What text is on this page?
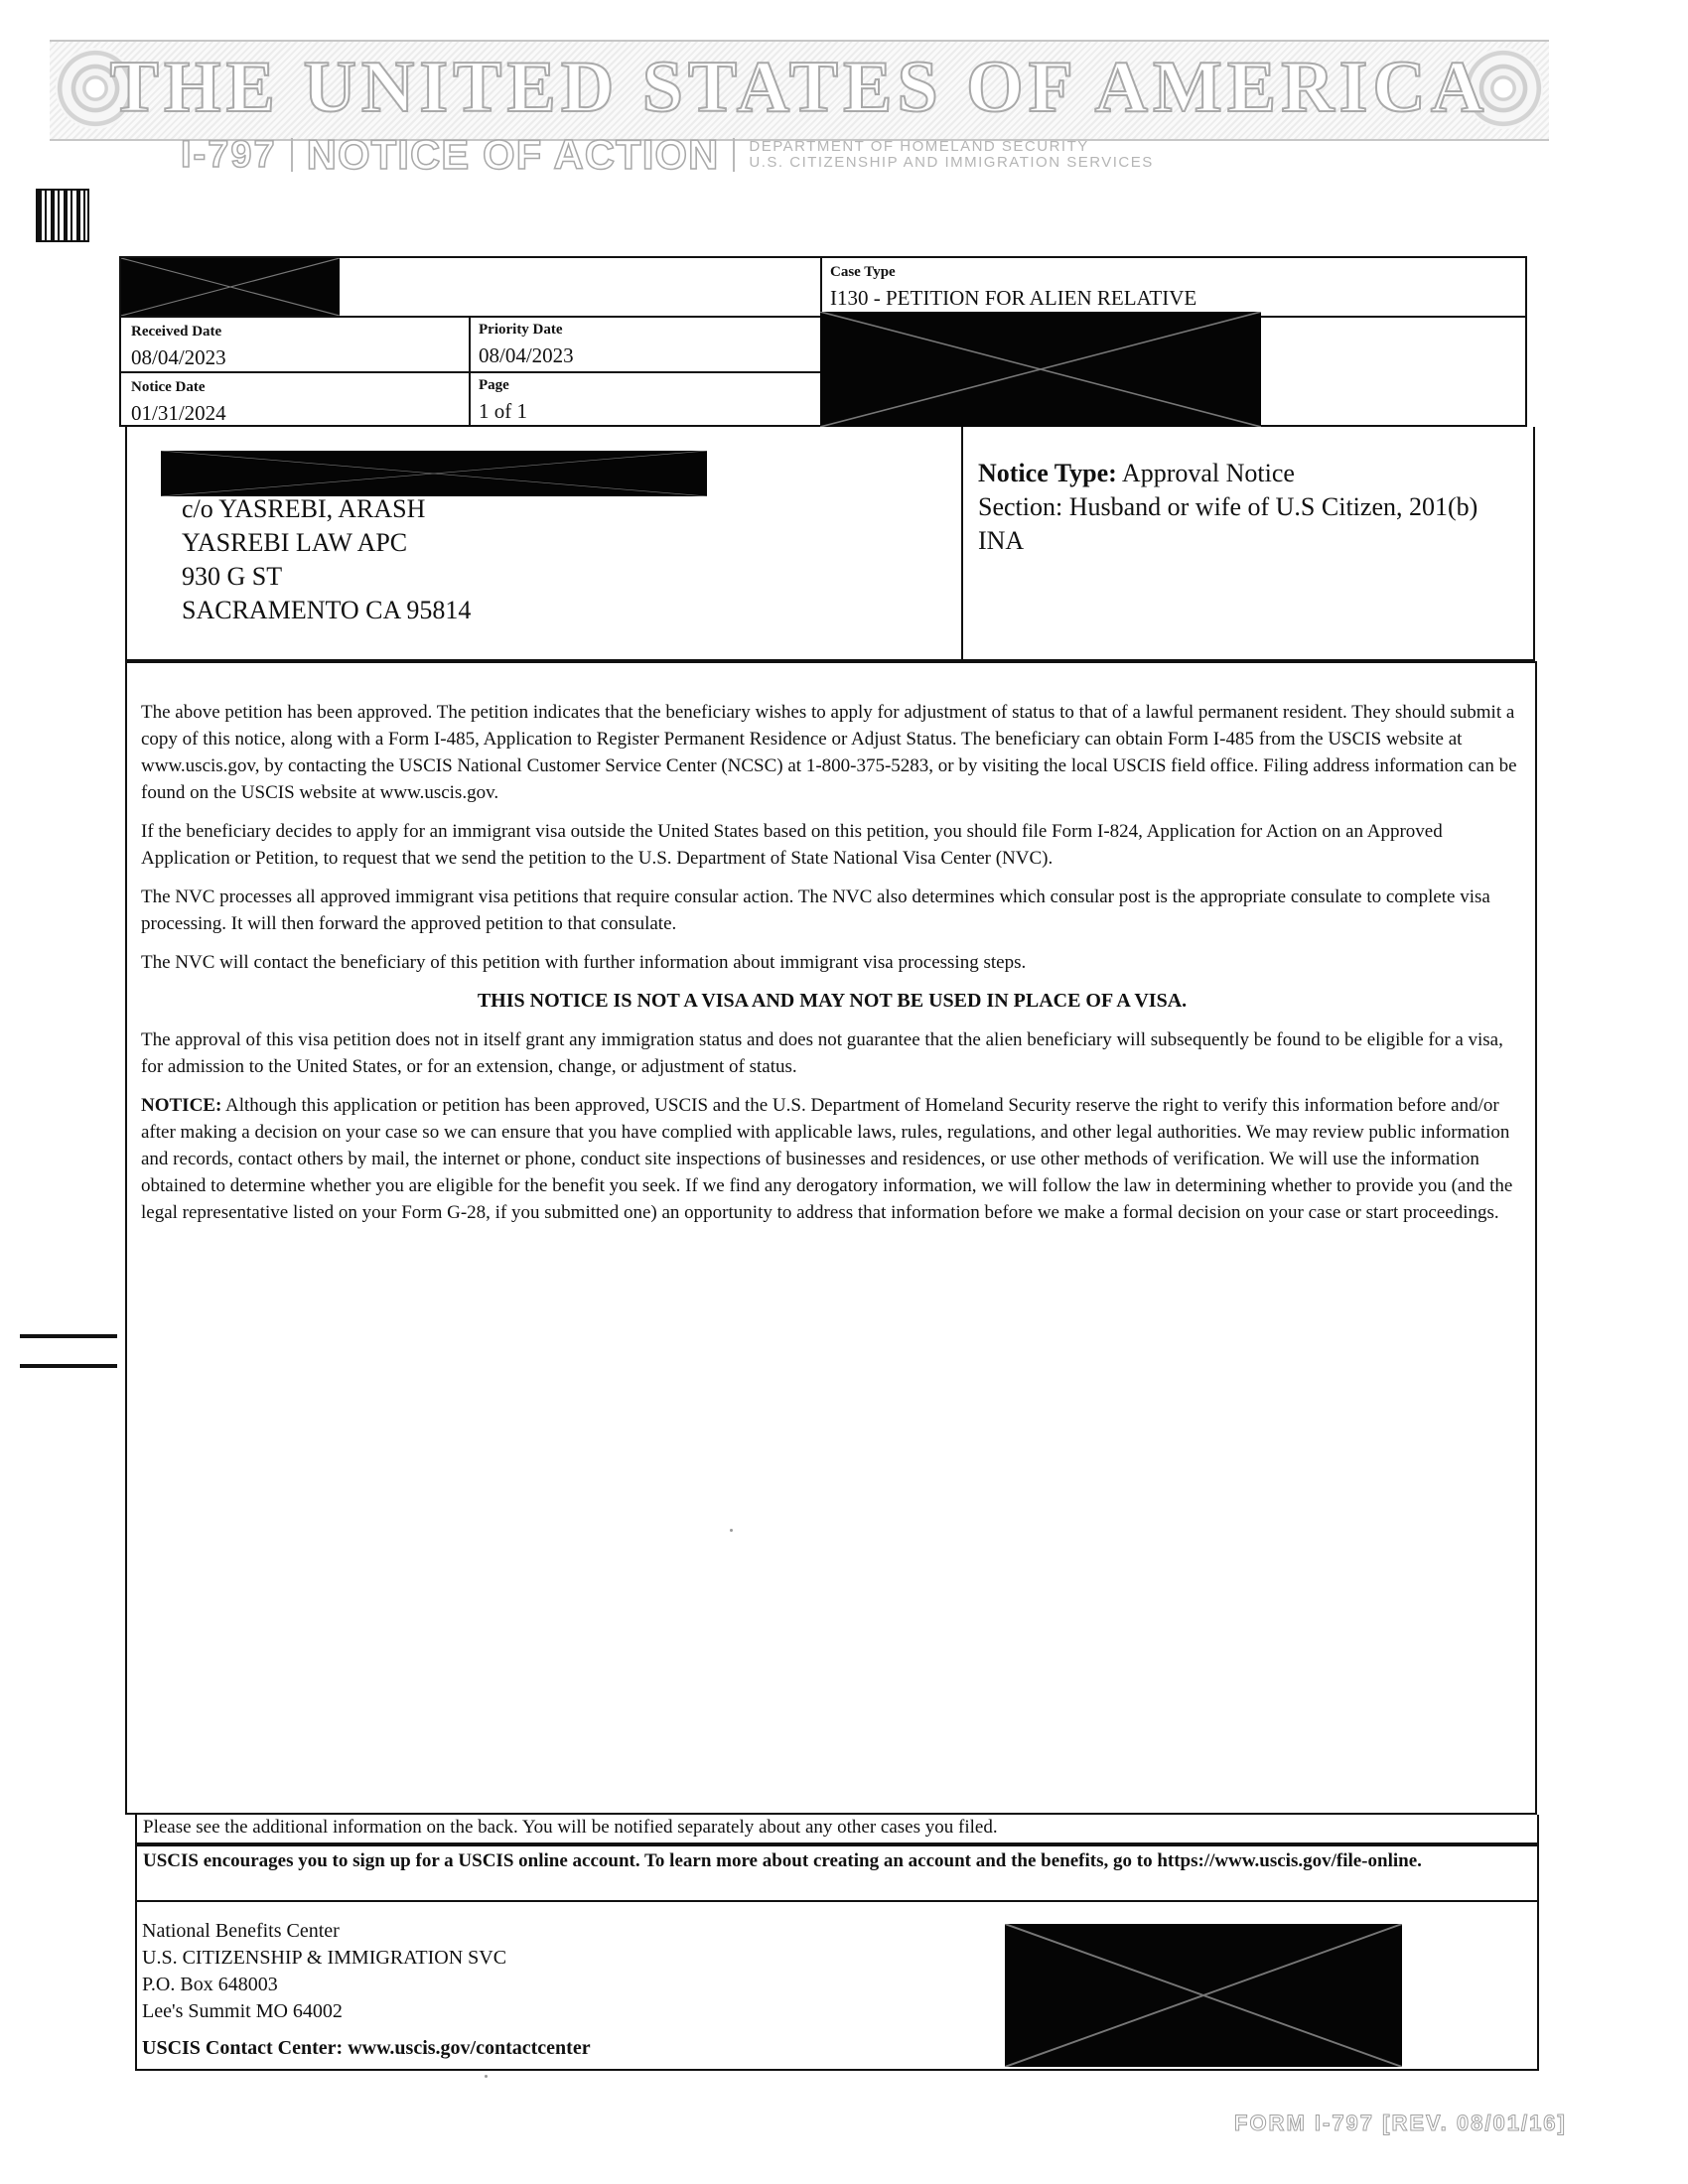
THE UNITED STATES OF AMERICA
I-797 NOTICE OF ACTION DEPARTMENT OF HOMELAND SECURITY
U.S. CITIZENSHIP AND IMMIGRATION SERVICES
Case Type
I130 - PETITION FOR ALIEN RELATIVE
Received Date
08/04/2023
Priority Date
08/04/2023
Notice Date
01/31/2024
Page
1 of 1
c/o YASREBI, ARASH
YASREBI LAW APC
930 G ST
SACRAMENTO CA 95814
Notice Type: Approval Notice
Section: Husband or wife of U.S Citizen, 201(b) INA

The above petition has been approved. The petition indicates that the beneficiary wishes to apply for adjustment of status to that of a lawful permanent resident. They should submit a copy of this notice, along with a Form I-485, Application to Register Permanent Residence or Adjust Status. The beneficiary can obtain Form I-485 from the USCIS website at www.uscis.gov, by contacting the USCIS National Customer Service Center (NCSC) at 1-800-375-5283, or by visiting the local USCIS field office. Filing address information can be found on the USCIS website at www.uscis.gov.

If the beneficiary decides to apply for an immigrant visa outside the United States based on this petition, you should file Form I-824, Application for Action on an Approved Application or Petition, to request that we send the petition to the U.S. Department of State National Visa Center (NVC).

The NVC processes all approved immigrant visa petitions that require consular action. The NVC also determines which consular post is the appropriate consulate to complete visa processing. It will then forward the approved petition to that consulate.

The NVC will contact the beneficiary of this petition with further information about immigrant visa processing steps.

THIS NOTICE IS NOT A VISA AND MAY NOT BE USED IN PLACE OF A VISA.

The approval of this visa petition does not in itself grant any immigration status and does not guarantee that the alien beneficiary will subsequently be found to be eligible for a visa, for admission to the United States, or for an extension, change, or adjustment of status.

NOTICE: Although this application or petition has been approved, USCIS and the U.S. Department of Homeland Security reserve the right to verify this information before and/or after making a decision on your case so we can ensure that you have complied with applicable laws, rules, regulations, and other legal authorities. We may review public information and records, contact others by mail, the internet or phone, conduct site inspections of businesses and residences, or use other methods of verification. We will use the information obtained to determine whether you are eligible for the benefit you seek. If we find any derogatory information, we will follow the law in determining whether to provide you (and the legal representative listed on your Form G-28, if you submitted one) an opportunity to address that information before we make a formal decision on your case or start proceedings.

Please see the additional information on the back. You will be notified separately about any other cases you filed.
USCIS encourages you to sign up for a USCIS online account. To learn more about creating an account and the benefits, go to https://www.uscis.gov/file-online.
National Benefits Center
U.S. CITIZENSHIP & IMMIGRATION SVC
P.O. Box 648003
Lee's Summit MO 64002
USCIS Contact Center: www.uscis.gov/contactcenter
FORM I-797 [REV. 08/01/16]
